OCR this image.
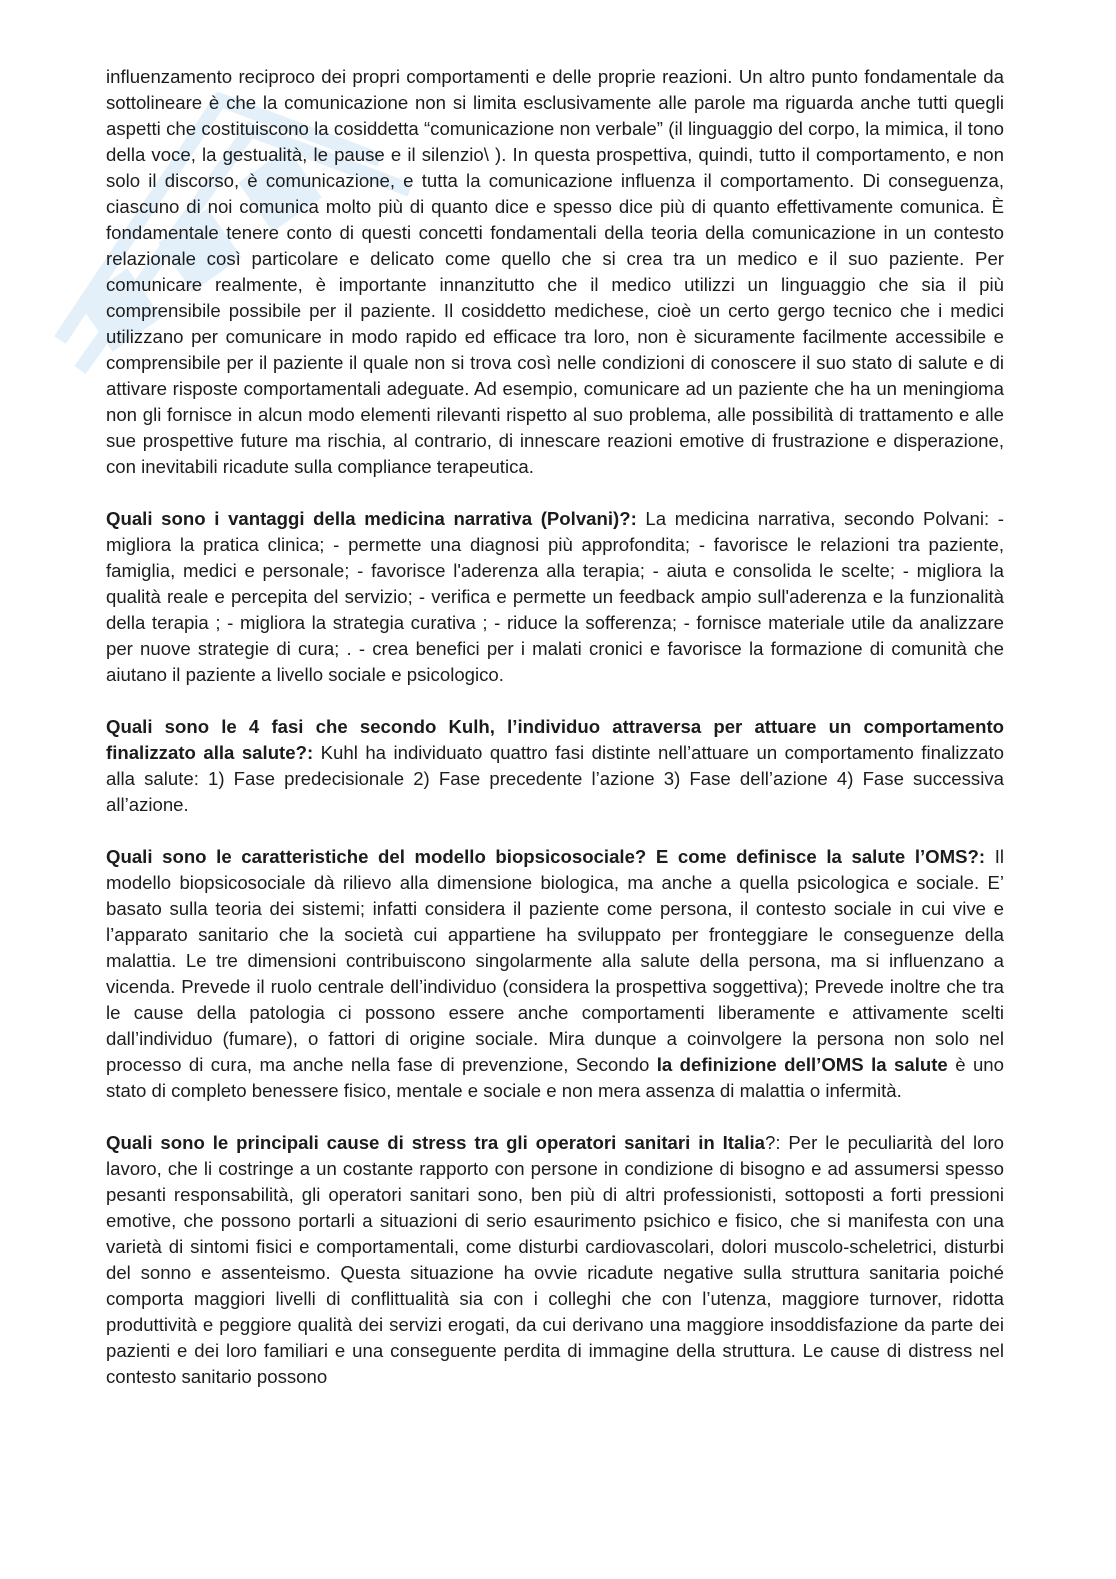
influenzamento reciproco dei propri comportamenti e delle proprie reazioni. Un altro punto fondamentale da sottolineare è che la comunicazione non si limita esclusivamente alle parole ma riguarda anche tutti quegli aspetti che costituiscono la cosiddetta “comunicazione non verbale” (il linguaggio del corpo, la mimica, il tono della voce, la gestualità, le pause e il silenzio\ ). In questa prospettiva, quindi, tutto il comportamento, e non solo il discorso, è comunicazione, e tutta la comunicazione influenza il comportamento. Di conseguenza, ciascuno di noi comunica molto più di quanto dice e spesso dice più di quanto effettivamente comunica. È fondamentale tenere conto di questi concetti fondamentali della teoria della comunicazione in un contesto relazionale così particolare e delicato come quello che si crea tra un medico e il suo paziente. Per comunicare realmente, è importante innanzitutto che il medico utilizzi un linguaggio che sia il più comprensibile possibile per il paziente. Il cosiddetto medichese, cioè un certo gergo tecnico che i medici utilizzano per comunicare in modo rapido ed efficace tra loro, non è sicuramente facilmente accessibile e comprensibile per il paziente il quale non si trova così nelle condizioni di conoscere il suo stato di salute e di attivare risposte comportamentali adeguate. Ad esempio, comunicare ad un paziente che ha un meningioma non gli fornisce in alcun modo elementi rilevanti rispetto al suo problema, alle possibilità di trattamento e alle sue prospettive future ma rischia, al contrario, di innescare reazioni emotive di frustrazione e disperazione, con inevitabili ricadute sulla compliance terapeutica.

Quali sono i vantaggi della medicina narrativa (Polvani)?: La medicina narrativa, secondo Polvani: - migliora la pratica clinica; - permette una diagnosi più approfondita; - favorisce le relazioni tra paziente, famiglia, medici e personale; - favorisce l'aderenza alla terapia; - aiuta e consolida le scelte; - migliora la qualità reale e percepita del servizio; - verifica e permette un feedback ampio sull'aderenza e la funzionalità della terapia ; - migliora la strategia curativa ; - riduce la sofferenza; - fornisce materiale utile da analizzare per nuove strategie di cura; . - crea benefici per i malati cronici e favorisce la formazione di comunità che aiutano il paziente a livello sociale e psicologico.

Quali sono le 4 fasi che secondo Kulh, l’individuo attraversa per attuare un comportamento finalizzato alla salute?: Kuhl ha individuato quattro fasi distinte nell’attuare un comportamento finalizzato alla salute: 1) Fase predecisionale 2) Fase precedente l’azione 3) Fase dell’azione 4) Fase successiva all’azione.

Quali sono le caratteristiche del modello biopsicosociale? E come definisce la salute l’OMS?: Il modello biopsicosociale dà rilievo alla dimensione biologica, ma anche a quella psicologica e sociale. E’ basato sulla teoria dei sistemi; infatti considera il paziente come persona, il contesto sociale in cui vive e l’apparato sanitario che la società cui appartiene ha sviluppato per fronteggiare le conseguenze della malattia. Le tre dimensioni contribuiscono singolarmente alla salute della persona, ma si influenzano a vicenda. Prevede il ruolo centrale dell’individuo (considera la prospettiva soggettiva); Prevede inoltre che tra le cause della patologia ci possono essere anche comportamenti liberamente e attivamente scelti dall’individuo (fumare), o fattori di origine sociale. Mira dunque a coinvolgere la persona non solo nel processo di cura, ma anche nella fase di prevenzione, Secondo la definizione dell’OMS la salute è uno stato di completo benessere fisico, mentale e sociale e non mera assenza di malattia o infermità.

Quali sono le principali cause di stress tra gli operatori sanitari in Italia?: Per le peculiarità del loro lavoro, che li costringe a un costante rapporto con persone in condizione di bisogno e ad assumersi spesso pesanti responsabilità, gli operatori sanitari sono, ben più di altri professionisti, sottoposti a forti pressioni emotive, che possono portarli a situazioni di serio esaurimento psichico e fisico, che si manifesta con una varietà di sintomi fisici e comportamentali, come disturbi cardiovascolari, dolori muscolo-scheletrici, disturbi del sonno e assenteismo. Questa situazione ha ovvie ricadute negative sulla struttura sanitaria poiché comporta maggiori livelli di conflittualità sia con i colleghi che con l’utenza, maggiore turnover, ridotta produttività e peggiore qualità dei servizi erogati, da cui derivano una maggiore insoddisfazione da parte dei pazienti e dei loro familiari e una conseguente perdita di immagine della struttura. Le cause di distress nel contesto sanitario possono
